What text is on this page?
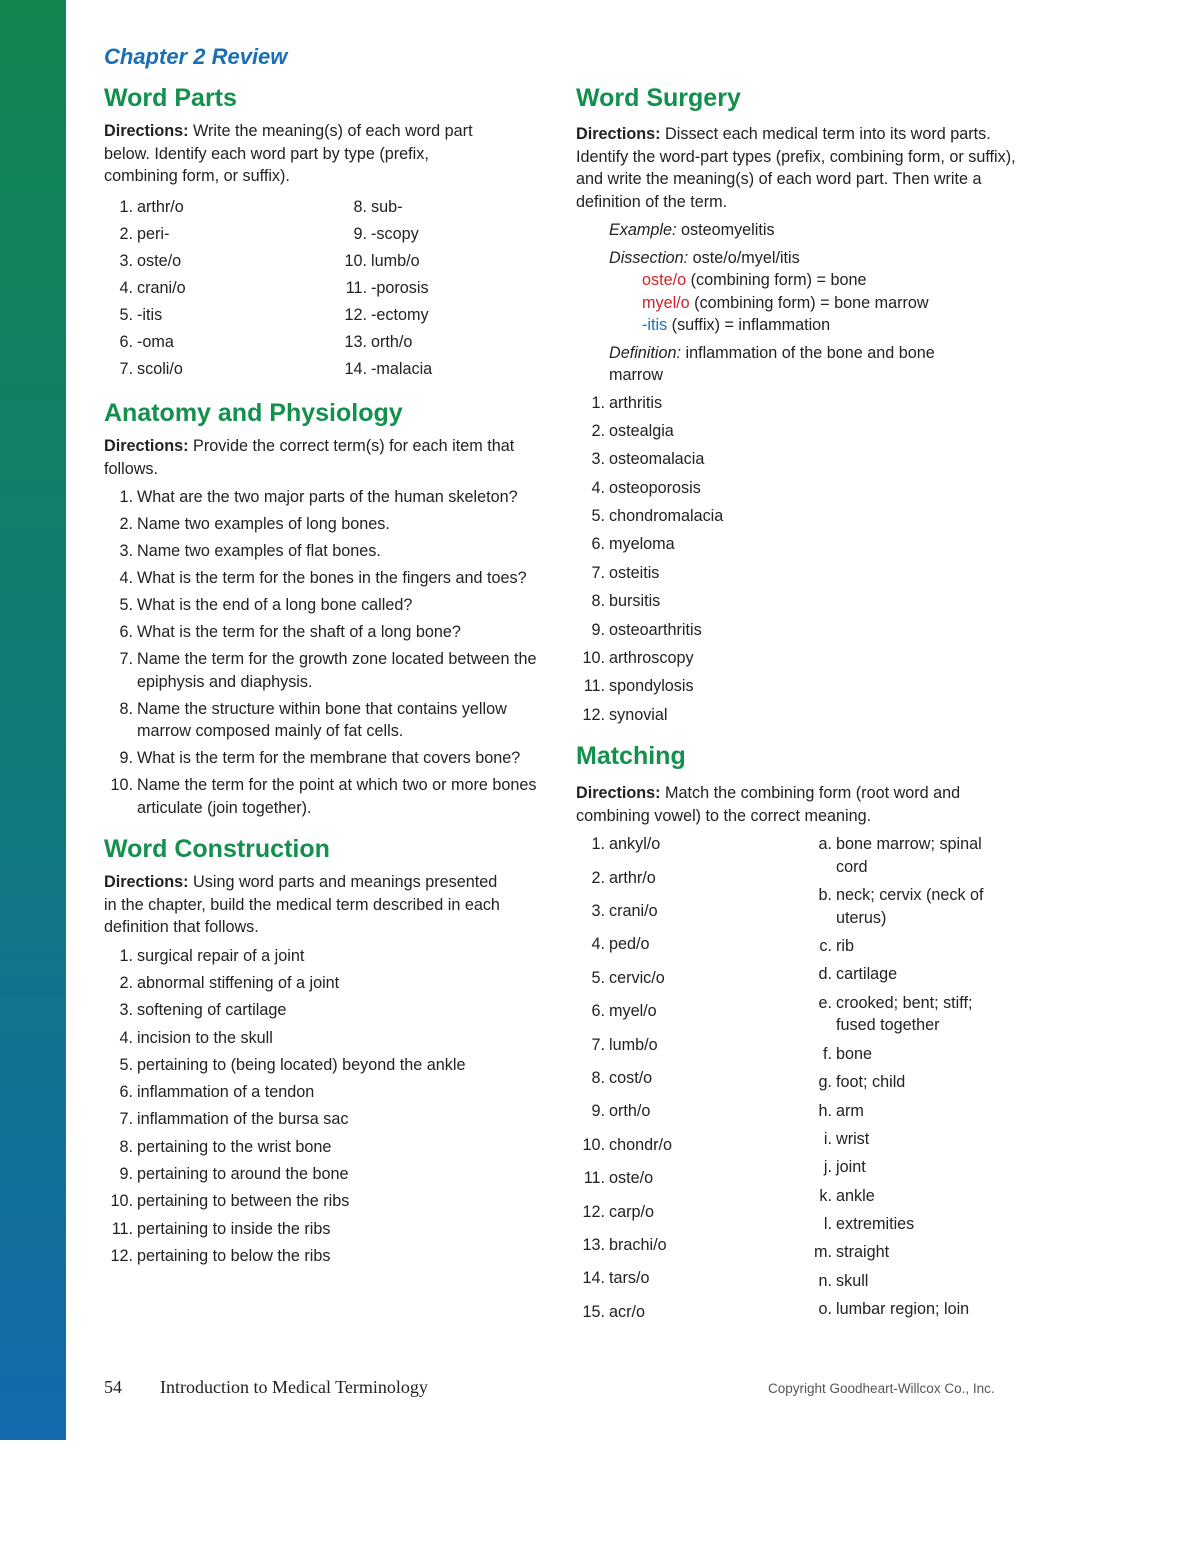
Chapter 2 Review
Word Parts

Directions: Write the meaning(s) of each word part below. Identify each word part by type (prefix, combining form, or suffix).

1. arthr/o
2. peri-
3. oste/o
4. crani/o
5. -itis
6. -oma
7. scoli/o
8. sub-
9. -scopy
10. lumb/o
11. -porosis
12. -ectomy
13. orth/o
14. -malacia
Anatomy and Physiology

Directions: Provide the correct term(s) for each item that follows.

1. What are the two major parts of the human skeleton?
2. Name two examples of long bones.
3. Name two examples of flat bones.
4. What is the term for the bones in the fingers and toes?
5. What is the end of a long bone called?
6. What is the term for the shaft of a long bone?
7. Name the term for the growth zone located between the epiphysis and diaphysis.
8. Name the structure within bone that contains yellow marrow composed mainly of fat cells.
9. What is the term for the membrane that covers bone?
10. Name the term for the point at which two or more bones articulate (join together).
Word Construction

Directions: Using word parts and meanings presented in the chapter, build the medical term described in each definition that follows.

1. surgical repair of a joint
2. abnormal stiffening of a joint
3. softening of cartilage
4. incision to the skull
5. pertaining to (being located) beyond the ankle
6. inflammation of a tendon
7. inflammation of the bursa sac
8. pertaining to the wrist bone
9. pertaining to around the bone
10. pertaining to between the ribs
11. pertaining to inside the ribs
12. pertaining to below the ribs
Word Surgery

Directions: Dissect each medical term into its word parts. Identify the word-part types (prefix, combining form, or suffix), and write the meaning(s) of each word part. Then write a definition of the term.

Example: osteomyelitis
Dissection: oste/o/myel/itis
oste/o (combining form) = bone
myel/o (combining form) = bone marrow
-itis (suffix) = inflammation
Definition: inflammation of the bone and bone marrow
1. arthritis
2. ostealgia
3. osteomalacia
4. osteoporosis
5. chondromalacia
6. myeloma
7. osteitis
8. bursitis
9. osteoarthritis
10. arthroscopy
11. spondylosis
12. synovial
Matching

Directions: Match the combining form (root word and combining vowel) to the correct meaning.

1. ankyl/o
2. arthr/o
3. crani/o
4. ped/o
5. cervic/o
6. myel/o
7. lumb/o
8. cost/o
9. orth/o
10. chondr/o
11. oste/o
12. carp/o
13. brachi/o
14. tars/o
15. acr/o
a. bone marrow; spinal cord
b. neck; cervix (neck of uterus)
c. rib
d. cartilage
e. crooked; bent; stiff; fused together
f. bone
g. foot; child
h. arm
i. wrist
j. joint
k. ankle
l. extremities
m. straight
n. skull
o. lumbar region; loin
54 Introduction to Medical Terminology	Copyright Goodheart-Willcox Co., Inc.
